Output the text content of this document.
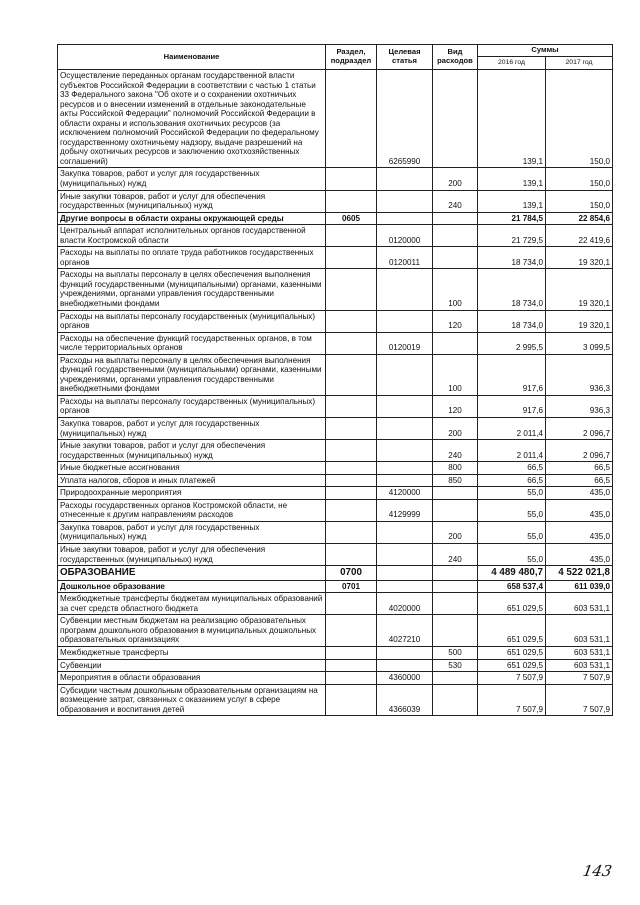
Наименование	Раздел, подраздел	Целевая статья	Вид расходов	Суммы	
				2016 год	2017 год
Осуществление переданных органам государственной власти субъектов Российской Федерации в соответствии с частью 1 статьи 33 Федерального закона "Об охоте и о сохранении охотничьих ресурсов и о внесении изменений в отдельные законодательные акты Российской Федерации" полномочий Российской Федерации в области охраны и использования охотничьих ресурсов (за исключением полномочий Российской Федерации по федеральному государственному охотничьему надзору, выдаче разрешений на добычу охотничьих ресурсов и заключению охотхозяйственных соглашений)		6265990		139,1	150,0
Закупка товаров, работ и услуг для государственных (муниципальных) нужд			200	139,1	150,0
Иные закупки товаров, работ и услуг для обеспечения государственных (муниципальных) нужд			240	139,1	150,0
Другие вопросы в области охраны окружающей среды	0605			21 784,5	22 854,6
Центральный аппарат исполнительных органов государственной власти Костромской области		0120000		21 729,5	22 419,6
Расходы на выплаты по оплате труда работников государственных органов		0120011		18 734,0	19 320,1
Расходы на выплаты персоналу в целях обеспечения выполнения функций государственными (муниципальными) органами, казенными учреждениями, органами управления государственными внебюджетными фондами			100	18 734,0	19 320,1
Расходы на выплаты персоналу государственных (муниципальных) органов			120	18 734,0	19 320,1
Расходы на обеспечение функций государственных органов, в том числе территориальных органов		0120019		2 995,5	3 099,5
Расходы на выплаты персоналу в целях обеспечения выполнения функций государственными (муниципальными) органами, казенными учреждениями, органами управления государственными внебюджетными фондами			100	917,6	936,3
Расходы на выплаты персоналу государственных (муниципальных) органов			120	917,6	936,3
Закупка товаров, работ и услуг для государственных (муниципальных) нужд			200	2 011,4	2 096,7
Иные закупки товаров, работ и услуг для обеспечения государственных (муниципальных) нужд			240	2 011,4	2 096,7
Иные бюджетные ассигнования			800	66,5	66,5
Уплата налогов, сборов и иных платежей			850	66,5	66,5
Природоохранные мероприятия		4120000		55,0	435,0
Расходы государственных органов Костромской области, не отнесенные к другим направлениям расходов		4129999		55,0	435,0
Закупка товаров, работ и услуг для государственных (муниципальных) нужд			200	55,0	435,0
Иные закупки товаров, работ и услуг для обеспечения государственных (муниципальных) нужд			240	55,0	435,0
ОБРАЗОВАНИЕ	0700			4 489 480,7	4 522 021,8
Дошкольное образование	0701			658 537,4	611 039,0
Межбюджетные трансферты бюджетам муниципальных образований за счет средств областного бюджета		4020000		651 029,5	603 531,1
Субвенции местным бюджетам на реализацию образовательных программ дошкольного образования в муниципальных дошкольных образовательных организациях		4027210		651 029,5	603 531,1
Межбюджетные трансферты			500	651 029,5	603 531,1
Субвенции			530	651 029,5	603 531,1
Мероприятия в области образования		4360000		7 507,9	7 507,9
Субсидии частным дошкольным образовательным организациям на возмещение затрат, связанных с оказанием услуг в сфере образования и воспитания детей		4366039		7 507,9	7 507,9
143
